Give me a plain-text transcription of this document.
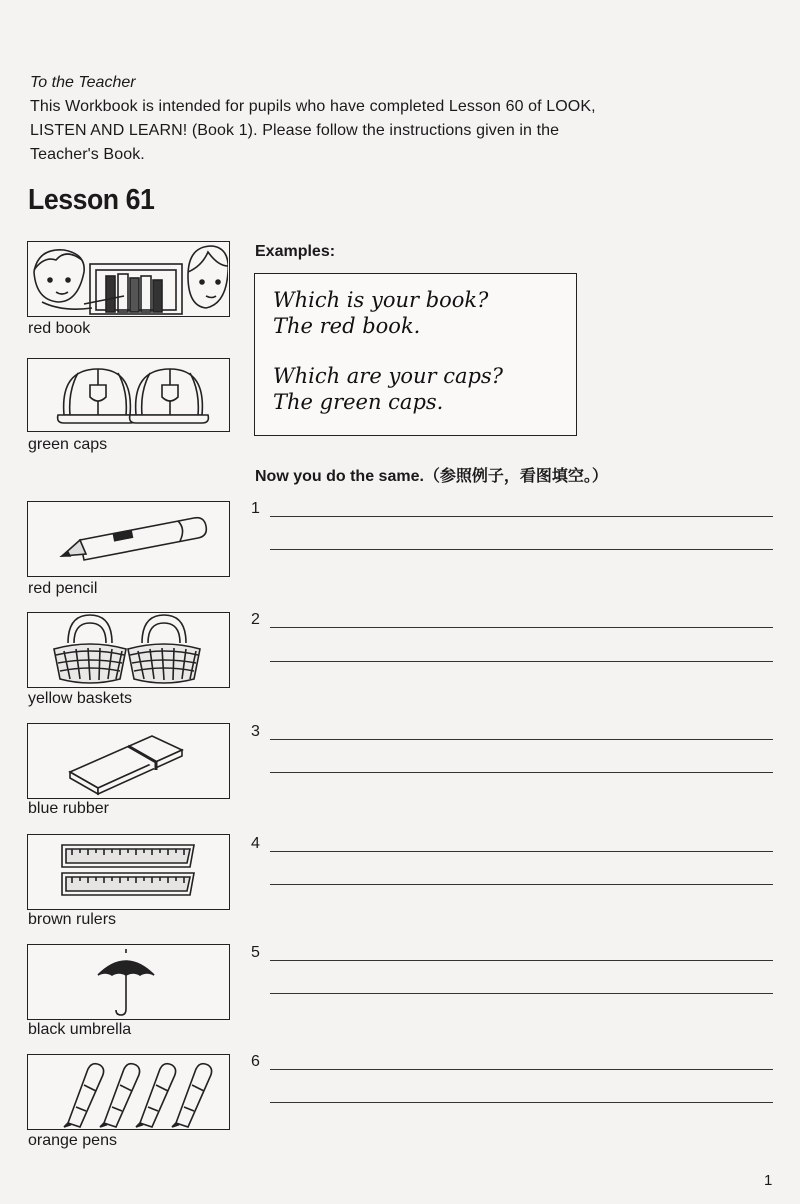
To the Teacher
This Workbook is intended for pupils who have completed Lesson 60 of LOOK,
LISTEN AND LEARN! (Book 1). Please follow the instructions given in the
Teacher's Book.
Lesson 61
red book
green caps
red pencil
yellow baskets
blue rubber
brown rulers
black umbrella
orange pens
Examples:
Which is your book?
The red book.
Which are your caps?
The green caps.
Now you do the same.（参照例子，看图填空。）
1
2
3
4
5
6
1
